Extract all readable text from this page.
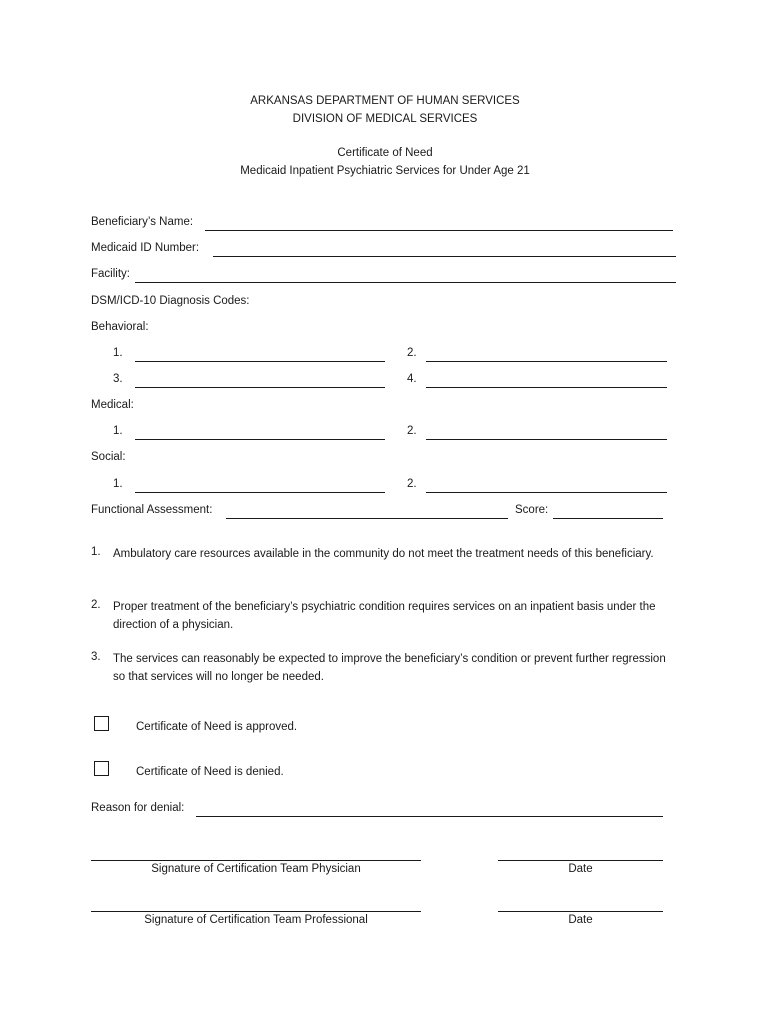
ARKANSAS DEPARTMENT OF HUMAN SERVICES
DIVISION OF MEDICAL SERVICES
Certificate of Need
Medicaid Inpatient Psychiatric Services for Under Age 21
Beneficiary’s Name:
Medicaid ID Number:
Facility:
DSM/ICD-10 Diagnosis Codes:
Behavioral:
1.	2.
3.	4.
Medical:
1.	2.
Social:
1.	2.
Functional Assessment:	Score:
1. Ambulatory care resources available in the community do not meet the treatment needs of this beneficiary.
2. Proper treatment of the beneficiary’s psychiatric condition requires services on an inpatient basis under the direction of a physician.
3. The services can reasonably be expected to improve the beneficiary’s condition or prevent further regression so that services will no longer be needed.
Certificate of Need is approved.
Certificate of Need is denied.
Reason for denial:
Signature of Certification Team Physician	Date
Signature of Certification Team Professional	Date
